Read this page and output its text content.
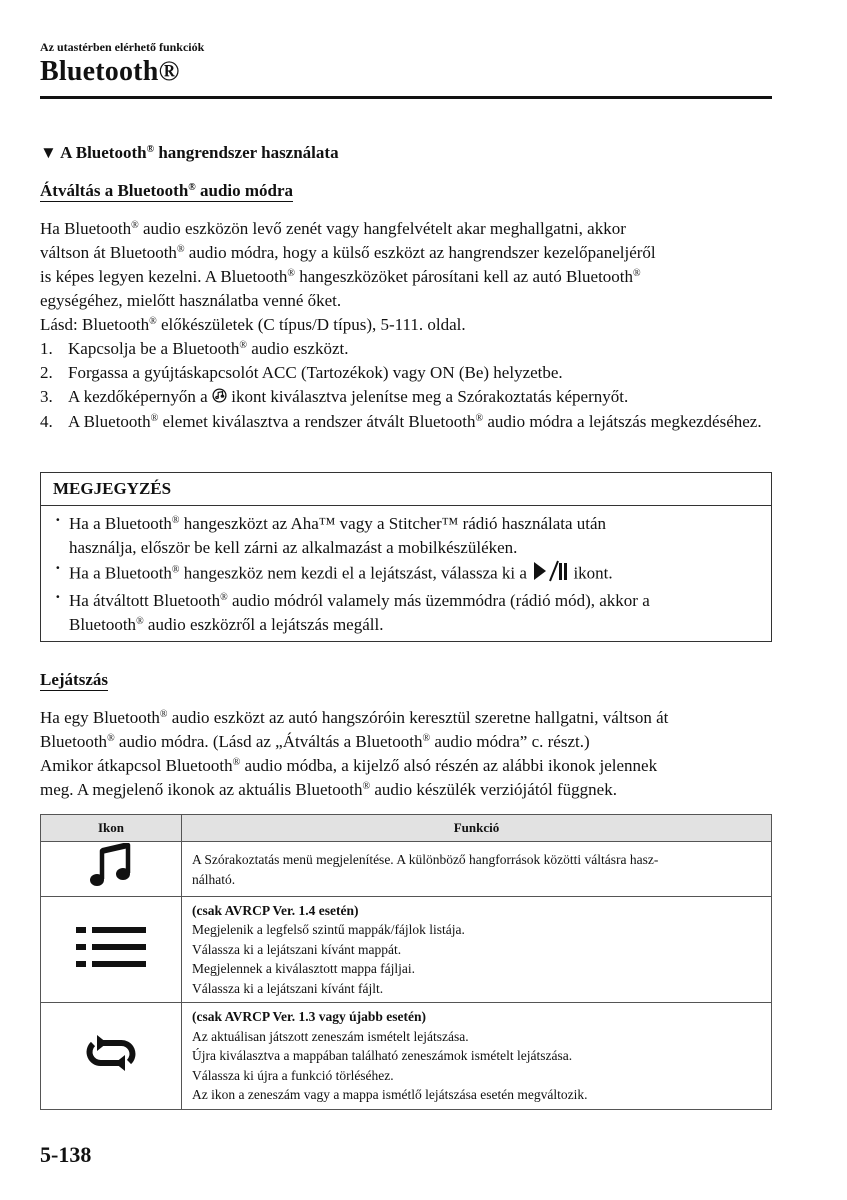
Az utastérben elérhető funkciók
Bluetooth®
▼ A Bluetooth® hangrendszer használata
Átváltás a Bluetooth® audio módra

Ha Bluetooth® audio eszközön levő zenét vagy hangfelvételt akar meghallgatni, akkor

váltson át Bluetooth® audio módra, hogy a külső eszközt az hangrendszer kezelőpaneljéről

is képes legyen kezelni. A Bluetooth® hangeszközöket párosítani kell az autó Bluetooth®

egységéhez, mielőtt használatba venné őket.

Lásd: Bluetooth® előkészületek (C típus/D típus), 5-111. oldal.

1. Kapcsolja be a Bluetooth® audio eszközt.
2. Forgassa a gyújtáskapcsolót ACC (Tartozékok) vagy ON (Be) helyzetbe.
3. A kezdőképernyőn a  ikont kiválasztva jelenítse meg a Szórakoztatás képernyőt.
4. A Bluetooth® elemet kiválasztva a rendszer átvált Bluetooth® audio módra a lejátszás megkezdéséhez.
MEGJEGYZÉS
· Ha a Bluetooth® hangeszközt az Aha™ vagy a Stitcher™ rádió használata után
használja, először be kell zárni az alkalmazást a mobilkészüléken.
· Ha a Bluetooth® hangeszköz nem kezdi el a lejátszást, válassza ki a  ikont.
· Ha átváltott Bluetooth® audio módról valamely más üzemmódra (rádió mód), akkor a
Bluetooth® audio eszközről a lejátszás megáll.
Lejátszás

Ha egy Bluetooth® audio eszközt az autó hangszóróin keresztül szeretne hallgatni, váltson át

Bluetooth® audio módra. (Lásd az „Átváltás a Bluetooth® audio módra” c. részt.)

Amikor átkapcsol Bluetooth® audio módba, a kijelző alsó részén az alábbi ikonok jelennek

meg. A megjelenő ikonok az aktuális Bluetooth® audio készülék verziójától függnek.

Ikon	Funkció

A Szórakoztatás menü megjelenítése. A különböző hangforrások közötti váltásra hasz-
nálható.

(csak AVRCP Ver. 1.4 esetén)
Megjelenik a legfelső szintű mappák/fájlok listája.
Válassza ki a lejátszani kívánt mappát.
Megjelennek a kiválasztott mappa fájljai.
Válassza ki a lejátszani kívánt fájlt.

(csak AVRCP Ver. 1.3 vagy újabb esetén)
Az aktuálisan játszott zeneszám ismételt lejátszása.
Újra kiválasztva a mappában található zeneszámok ismételt lejátszása.
Válassza ki újra a funkció törléséhez.
Az ikon a zeneszám vagy a mappa ismétlő lejátszása esetén megváltozik.
5-138
